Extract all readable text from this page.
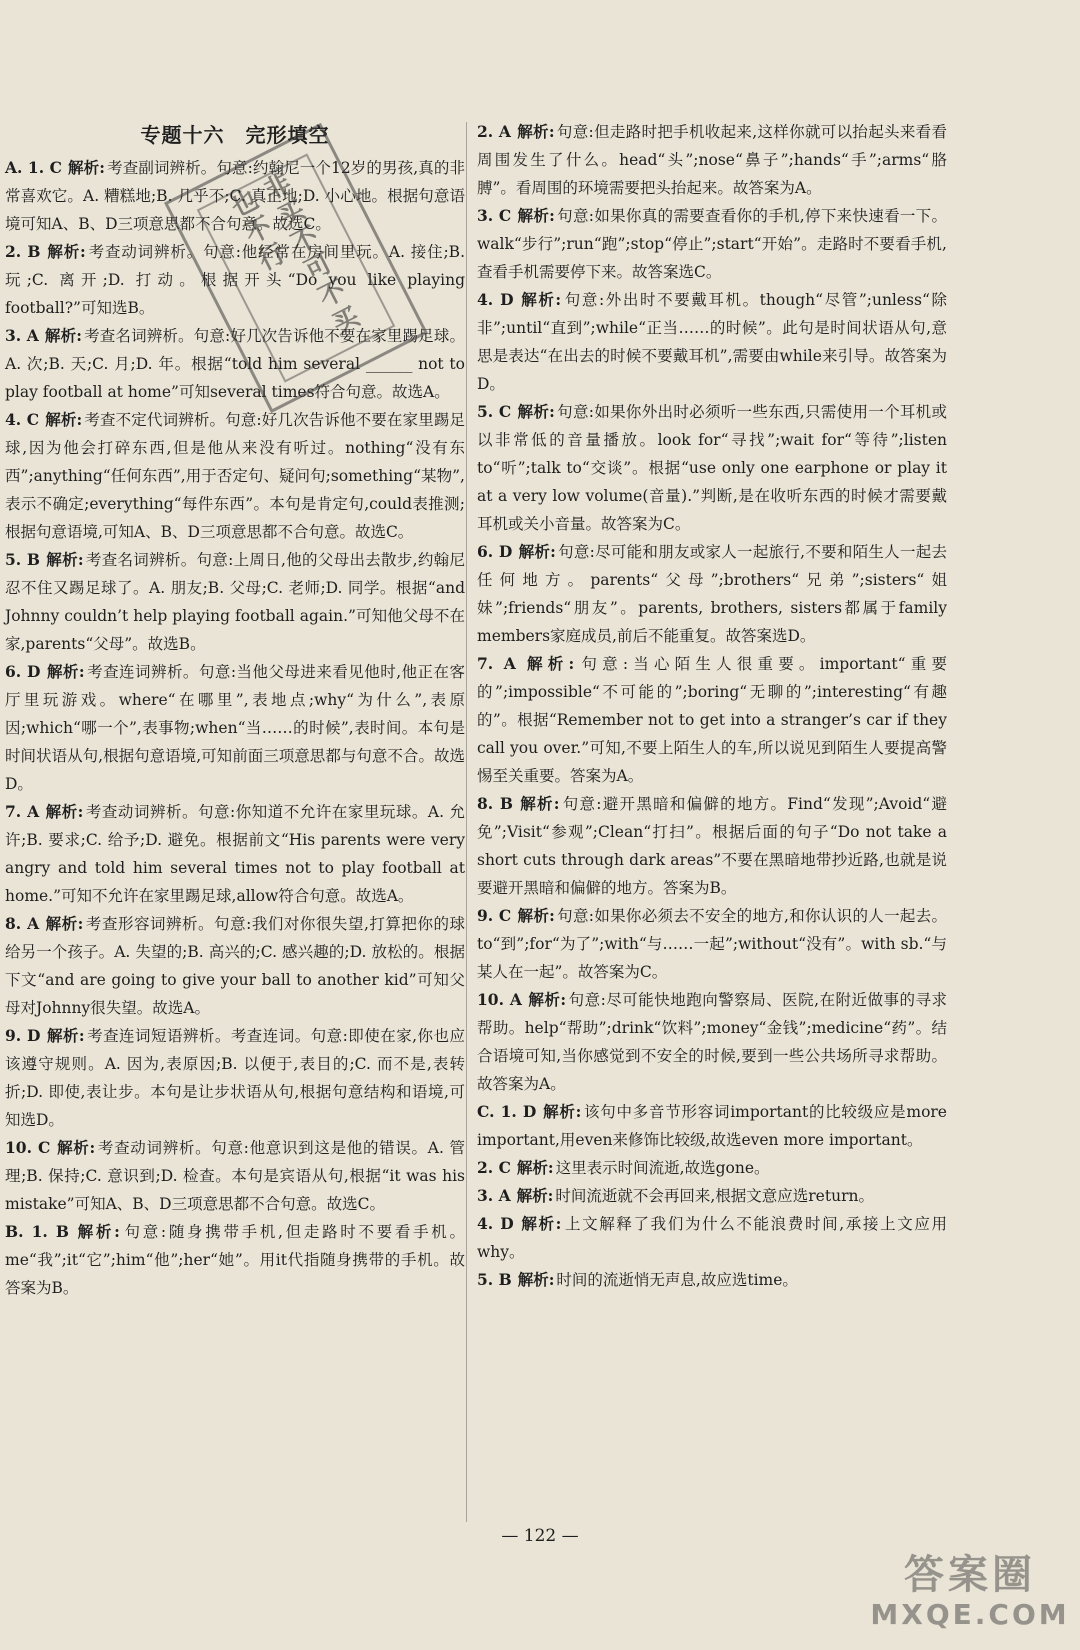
专题十六　完形填空

A. 1. C 解析: 考查副词辨析。句意:约翰尼一个12岁的男孩,真的非常喜欢它。A. 糟糕地;B. 几乎不;C. 真正地;D. 小心地。根据句意语境可知A、B、D三项意思都不合句意。故选C。

2. B 解析: 考查动词辨析。句意:他经常在房间里玩。A. 接住;B. 玩;C. 离开;D. 打动。根据开头“Do you like playing football?”可知选B。

3. A 解析: 考查名词辨析。句意:好几次告诉他不要在家里踢足球。A. 次;B. 天;C. 月;D. 年。根据“told him several ______ not to play football at home”可知several times符合句意。故选A。

4. C 解析: 考查不定代词辨析。句意:好几次告诉他不要在家里踢足球,因为他会打碎东西,但是他从来没有听过。nothing“没有东西”;anything“任何东西”,用于否定句、疑问句;something“某物”,表示不确定;everything“每件东西”。本句是肯定句,could表推测;根据句意语境,可知A、B、D三项意思都不合句意。故选C。

5. B 解析: 考查名词辨析。句意:上周日,他的父母出去散步,约翰尼忍不住又踢足球了。A. 朋友;B. 父母;C. 老师;D. 同学。根据“and Johnny couldn’t help playing football again.”可知他父母不在家,parents“父母”。故选B。

6. D 解析: 考查连词辨析。句意:当他父母进来看见他时,他正在客厅里玩游戏。where“在哪里”,表地点;why“为什么”,表原因;which“哪一个”,表事物;when“当……的时候”,表时间。本句是时间状语从句,根据句意语境,可知前面三项意思都与句意不合。故选D。

7. A 解析: 考查动词辨析。句意:你知道不允许在家里玩球。A. 允许;B. 要求;C. 给予;D. 避免。根据前文“His parents were very angry and told him several times not to play football at home.”可知不允许在家里踢足球,allow符合句意。故选A。

8. A 解析: 考查形容词辨析。句意:我们对你很失望,打算把你的球给另一个孩子。A. 失望的;B. 高兴的;C. 感兴趣的;D. 放松的。根据下文“and are going to give your ball to another kid”可知父母对Johnny很失望。故选A。

9. D 解析: 考查连词短语辨析。考查连词。句意:即使在家,你也应该遵守规则。A. 因为,表原因;B. 以便于,表目的;C. 而不是,表转折;D. 即使,表让步。本句是让步状语从句,根据句意结构和语境,可知选D。

10. C 解析: 考查动词辨析。句意:他意识到这是他的错误。A. 管理;B. 保持;C. 意识到;D. 检查。本句是宾语从句,根据“it was his mistake”可知A、B、D三项意思都不合句意。故选C。

B. 1. B 解析: 句意:随身携带手机,但走路时不要看手机。me“我”;it“它”;him“他”;her“她”。用it代指随身携带的手机。故答案为B。

2. A 解析: 句意:但走路时把手机收起来,这样你就可以抬起头来看看周围发生了什么。head“头”;nose“鼻子”;hands“手”;arms“胳膊”。看周围的环境需要把头抬起来。故答案为A。

3. C 解析: 句意:如果你真的需要查看你的手机,停下来快速看一下。walk“步行”;run“跑”;stop“停止”;start“开始”。走路时不要看手机,查看手机需要停下来。故答案选C。

4. D 解析: 句意:外出时不要戴耳机。though“尽管”;unless“除非”;until“直到”;while“正当……的时候”。此句是时间状语从句,意思是表达“在出去的时候不要戴耳机”,需要由while来引导。故答案为D。

5. C 解析: 句意:如果你外出时必须听一些东西,只需使用一个耳机或以非常低的音量播放。look for“寻找”;wait for“等待”;listen to“听”;talk to“交谈”。根据“use only one earphone or play it at a very low volume(音量).”判断,是在收听东西的时候才需要戴耳机或关小音量。故答案为C。

6. D 解析: 句意:尽可能和朋友或家人一起旅行,不要和陌生人一起去任何地方。parents“父母”;brothers“兄弟”;sisters“姐妹”;friends“朋友”。parents, brothers, sisters都属于family members家庭成员,前后不能重复。故答案选D。

7. A 解析: 句意:当心陌生人很重要。important“重要的”;impossible“不可能的”;boring“无聊的”;interesting“有趣的”。根据“Remember not to get into a stranger’s car if they call you over.”可知,不要上陌生人的车,所以说见到陌生人要提高警惕至关重要。答案为A。

8. B 解析: 句意:避开黑暗和偏僻的地方。Find“发现”;Avoid“避免”;Visit“参观”;Clean“打扫”。根据后面的句子“Do not take a short cuts through dark areas”不要在黑暗地带抄近路,也就是说要避开黑暗和偏僻的地方。答案为B。

9. C 解析: 句意:如果你必须去不安全的地方,和你认识的人一起去。to“到”;for“为了”;with“与……一起”;without“没有”。with sb.“与某人在一起”。故答案为C。

10. A 解析: 句意:尽可能快地跑向警察局、医院,在附近做事的寻求帮助。help“帮助”;drink“饮料”;money“金钱”;medicine“药”。结合语境可知,当你感觉到不安全的时候,要到一些公共场所寻求帮助。故答案为A。

C. 1. D 解析: 该句中多音节形容词important的比较级应是more important,用even来修饰比较级,故选even more important。

2. C 解析: 这里表示时间流逝,故选gone。

3. A 解析: 时间流逝就不会再回来,根据文意应选return。

4. D 解析: 上文解释了我们为什么不能浪费时间,承接上文应用why。

5. B 解析: 时间的流逝悄无声息,故应选time。

非买不可不买也不行
— 122 —
答案圈
MXQE.COM
